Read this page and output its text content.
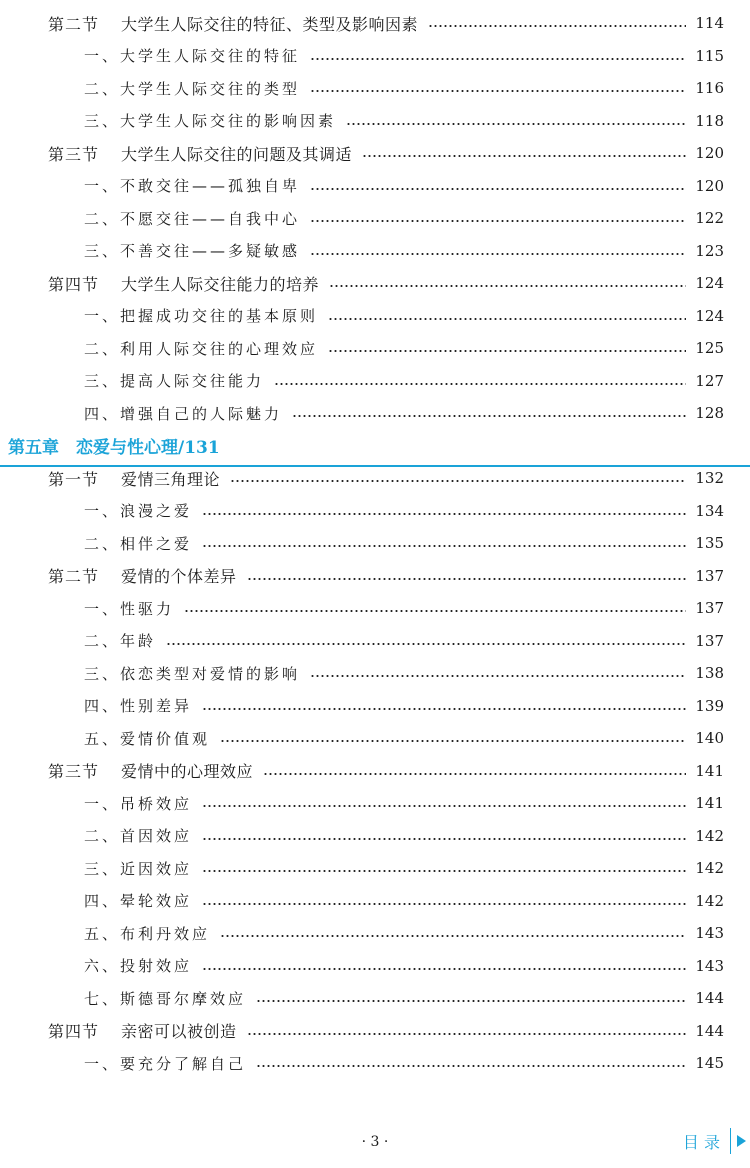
第二节 大学生人际交往的特征、类型及影响因素	114
一、大学生人际交往的特征	115
二、大学生人际交往的类型	116
三、大学生人际交往的影响因素	118
第三节 大学生人际交往的问题及其调适	120
一、不敢交往——孤独自卑	120
二、不愿交往——自我中心	122
三、不善交往——多疑敏感	123
第四节 大学生人际交往能力的培养	124
一、把握成功交往的基本原则	124
二、利用人际交往的心理效应	125
三、提高人际交往能力	127
四、增强自己的人际魅力	128
第五章　恋爱与性心理/131
第一节 爱情三角理论	132
一、浪漫之爱	134
二、相伴之爱	135
第二节 爱情的个体差异	137
一、性驱力	137
二、年龄	137
三、依恋类型对爱情的影响	138
四、性别差异	139
五、爱情价值观	140
第三节 爱情中的心理效应	141
一、吊桥效应	141
二、首因效应	142
三、近因效应	142
四、晕轮效应	142
五、布利丹效应	143
六、投射效应	143
七、斯德哥尔摩效应	144
第四节 亲密可以被创造	144
一、要充分了解自己	145
· 3 ·	目 录
